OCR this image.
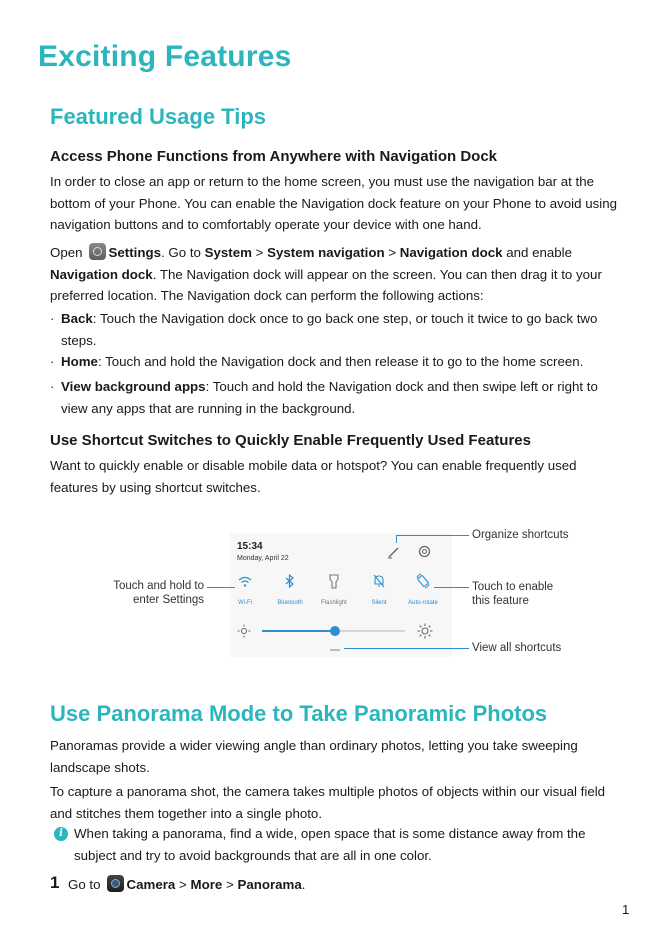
Exciting Features
Featured Usage Tips
Access Phone Functions from Anywhere with Navigation Dock
In order to close an app or return to the home screen, you must use the navigation bar at the bottom of your Phone. You can enable the Navigation dock feature on your Phone to avoid using navigation buttons and to comfortably operate your device with one hand.
Open Settings. Go to System > System navigation > Navigation dock and enable Navigation dock. The Navigation dock will appear on the screen. You can then drag it to your preferred location. The Navigation dock can perform the following actions:
· Back: Touch the Navigation dock once to go back one step, or touch it twice to go back two steps.
· Home: Touch and hold the Navigation dock and then release it to go to the home screen.
· View background apps: Touch and hold the Navigation dock and then swipe left or right to view any apps that are running in the background.
Use Shortcut Switches to Quickly Enable Frequently Used Features
Want to quickly enable or disable mobile data or hotspot? You can enable frequently used features by using shortcut switches.
15:34
Monday, April 22
Wi-Fi	Bluetooth	Flashlight	Silent	Auto-rotate
Organize shortcuts
Touch and hold to
enter Settings
Touch to enable
this feature
View all shortcuts
Use Panorama Mode to Take Panoramic Photos
Panoramas provide a wider viewing angle than ordinary photos, letting you take sweeping landscape shots.
To capture a panorama shot, the camera takes multiple photos of objects within our visual field and stitches them together into a single photo.
i When taking a panorama, find a wide, open space that is some distance away from the subject and try to avoid backgrounds that are all in one color.
1 Go to Camera > More > Panorama.
1
